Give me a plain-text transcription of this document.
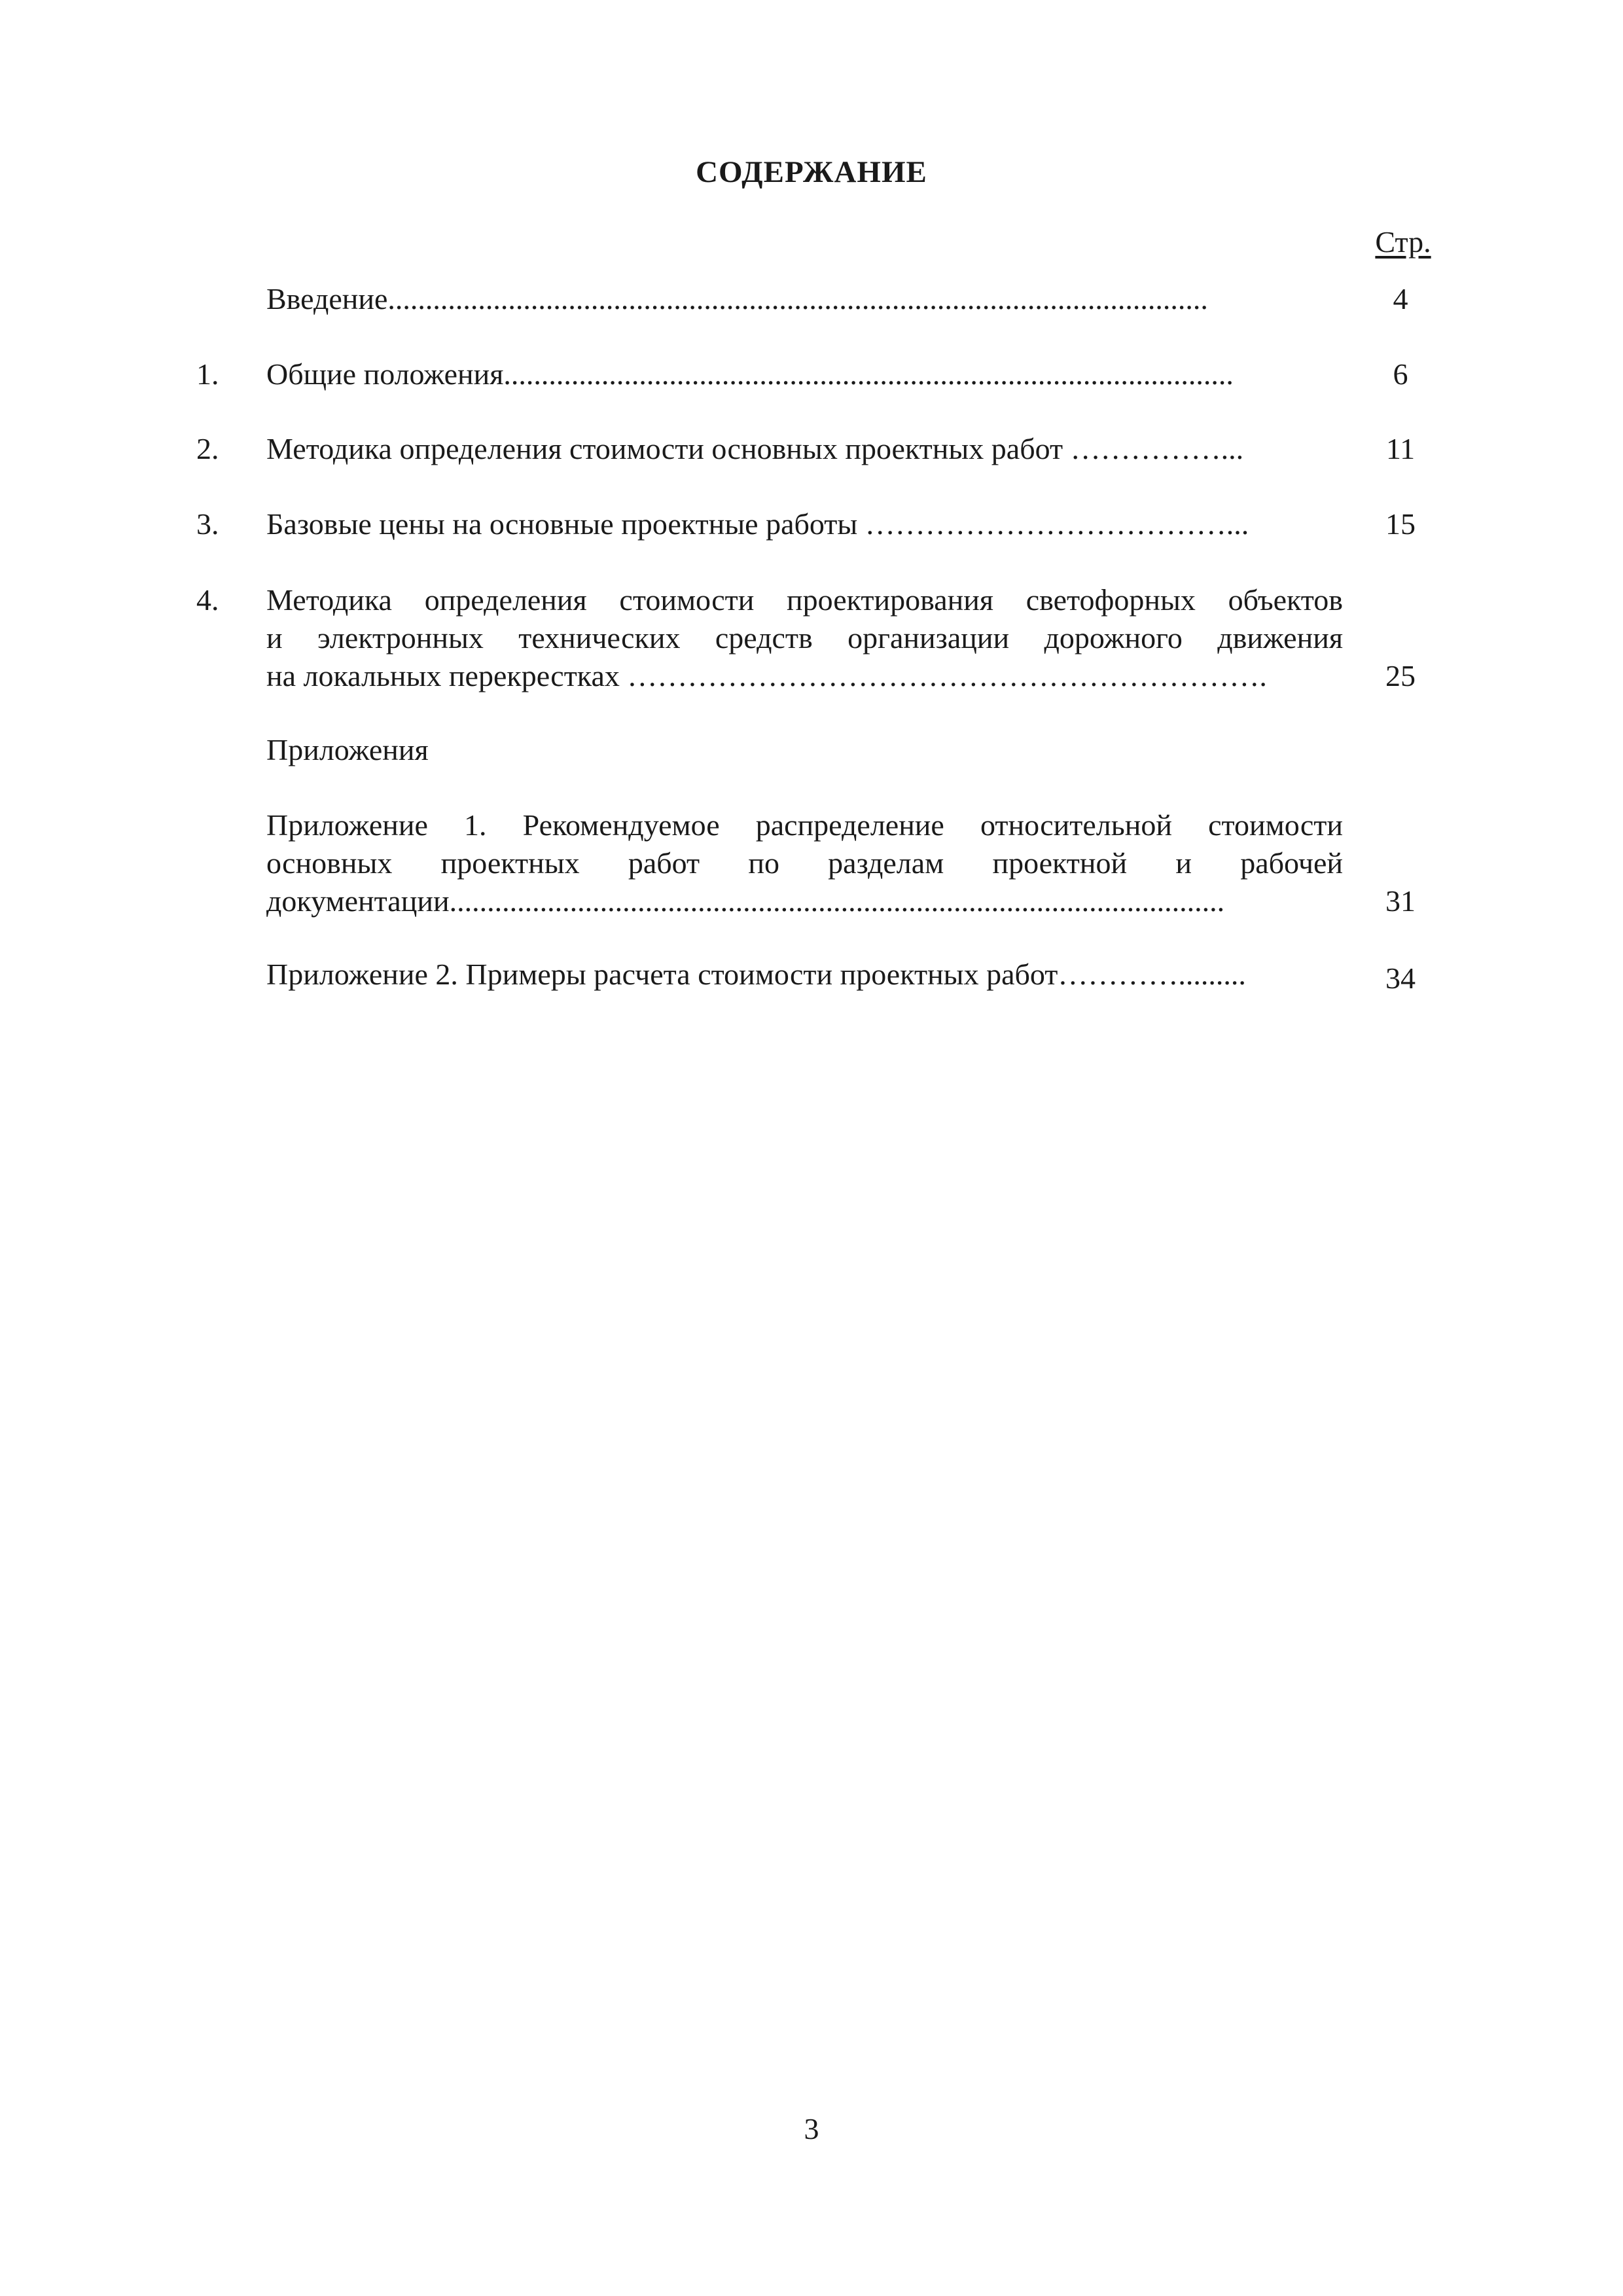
СОДЕРЖАНИЕ
Стр.
Введение.............................................................................................................	4
1.	Общие положения.................................................................................................	6
2.	Методика определения стоимости основных проектных работ ……………...	11
3.	Базовые цены на основные проектные работы ………………………………...	15
4.	Методика определения стоимости проектирования светофорных объектов
и электронных технических средств организации дорожного движения
на локальных перекрестках ……………………………………………………….	25
Приложения
Приложение 1. Рекомендуемое распределение относительной стоимости
основных проектных работ по разделам проектной и рабочей
документации.......................................................................................................	31
Приложение 2. Примеры расчета стоимости проектных работ………….........	34
3
